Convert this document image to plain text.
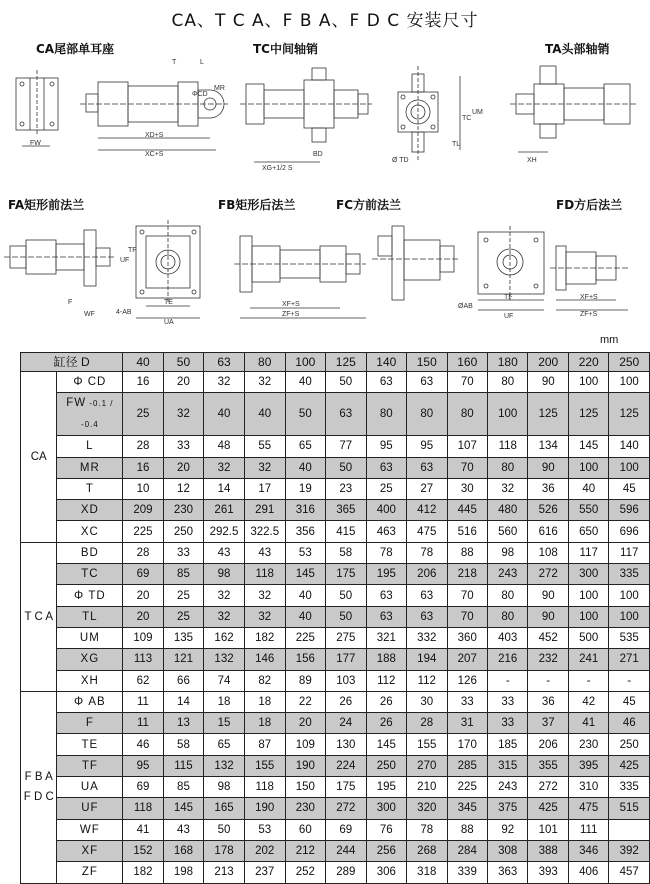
CA、T C A、F B A、F D C 安装尺寸
CA尾部单耳座	TC中间轴销	TA头部轴销
FA矩形前法兰	FB矩形后法兰	FC方前法兰	FD方后法兰
FW
XD+S
XC+S
T	L
ΦCD
MR
XG+1/2 S
BD
TC
UM
Ø TD
TL
XH
F
WF
TE
UA
4-AB
UF
TF
XF+S
ZF+S
TF
UF
ØAB
XF+S
ZF+S
mm
缸径 D		40	50	63	80	100	125	140	150	160	180	200	220	250
CA	Φ CD	16	20	32	32	40	50	63	63	70	80	90	100	100
	FW -0.1 / -0.4	25	32	40	40	50	63	80	80	80	100	125	125	125
	L	28	33	48	55	65	77	95	95	107	118	134	145	140
	MR	16	20	32	32	40	50	63	63	70	80	90	100	100
	T	10	12	14	17	19	23	25	27	30	32	36	40	45
	XD	209	230	261	291	316	365	400	412	445	480	526	550	596
	XC	225	250	292.5	322.5	356	415	463	475	516	560	616	650	696
T C A	BD	28	33	43	43	53	58	78	78	88	98	108	117	117
	TC	69	85	98	118	145	175	195	206	218	243	272	300	335
	Φ TD	20	25	32	32	40	50	63	63	70	80	90	100	100
	TL	20	25	32	32	40	50	63	63	70	80	90	100	100
	UM	109	135	162	182	225	275	321	332	360	403	452	500	535
	XG	113	121	132	146	156	177	188	194	207	216	232	241	271
	XH	62	66	74	82	89	103	112	112	126	-	-	-	-
F B A F D C	Φ AB	11	14	18	18	22	26	26	30	33	33	36	42	45
	F	11	13	15	18	20	24	26	28	31	33	37	41	46
	TE	46	58	65	87	109	130	145	155	170	185	206	230	250
	TF	95	115	132	155	190	224	250	270	285	315	355	395	425
	UA	69	85	98	118	150	175	195	210	225	243	272	310	335
	UF	118	145	165	190	230	272	300	320	345	375	425	475	515
	WF	41	43	50	53	60	69	76	78	88	92	101	111	
	XF	152	168	178	202	212	244	256	268	284	308	388	346	392
	ZF	182	198	213	237	252	289	306	318	339	363	393	406	457
